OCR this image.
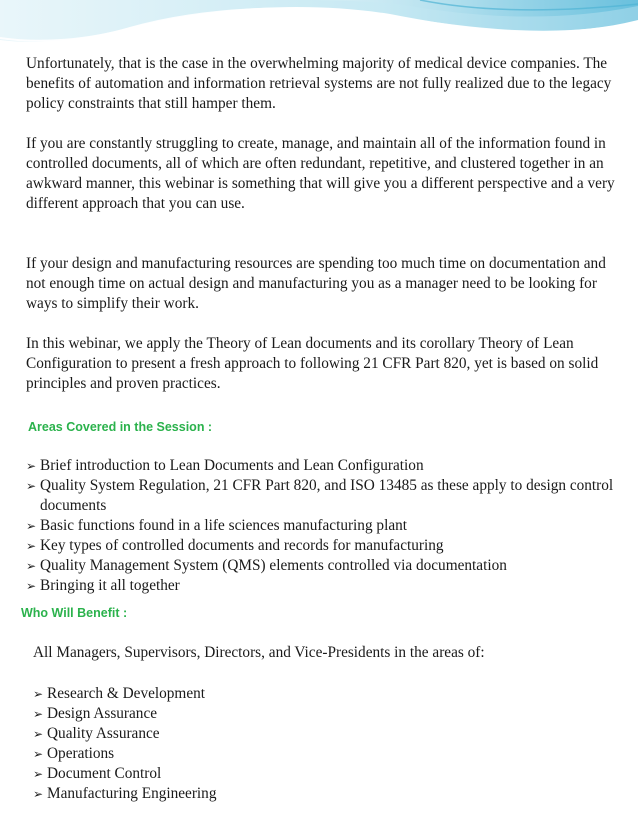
Unfortunately, that is the case in the overwhelming majority of medical device companies. The benefits of automation and information retrieval systems are not fully realized due to the legacy policy constraints that still hamper them.

If you are constantly struggling to create, manage, and maintain all of the information found in controlled documents, all of which are often redundant, repetitive, and clustered together in an awkward manner, this webinar is something that will give you a different perspective and a very different approach that you can use.

If your design and manufacturing resources are spending too much time on documentation and not enough time on actual design and manufacturing you as a manager need to be looking for ways to simplify their work.

In this webinar, we apply the Theory of Lean documents and its corollary Theory of Lean Configuration to present a fresh approach to following 21 CFR Part 820, yet is based on solid principles and proven practices.

Areas Covered in the Session :
➢ Brief introduction to Lean Documents and Lean Configuration
➢ Quality System Regulation, 21 CFR Part 820, and ISO 13485 as these apply to design control documents
➢ Basic functions found in a life sciences manufacturing plant
➢ Key types of controlled documents and records for manufacturing
➢ Quality Management System (QMS) elements controlled via documentation
➢ Bringing it all together
Who Will Benefit :

All Managers, Supervisors, Directors, and Vice-Presidents in the areas of:

➢ Research & Development
➢ Design Assurance
➢ Quality Assurance
➢ Operations
➢ Document Control
➢ Manufacturing Engineering
